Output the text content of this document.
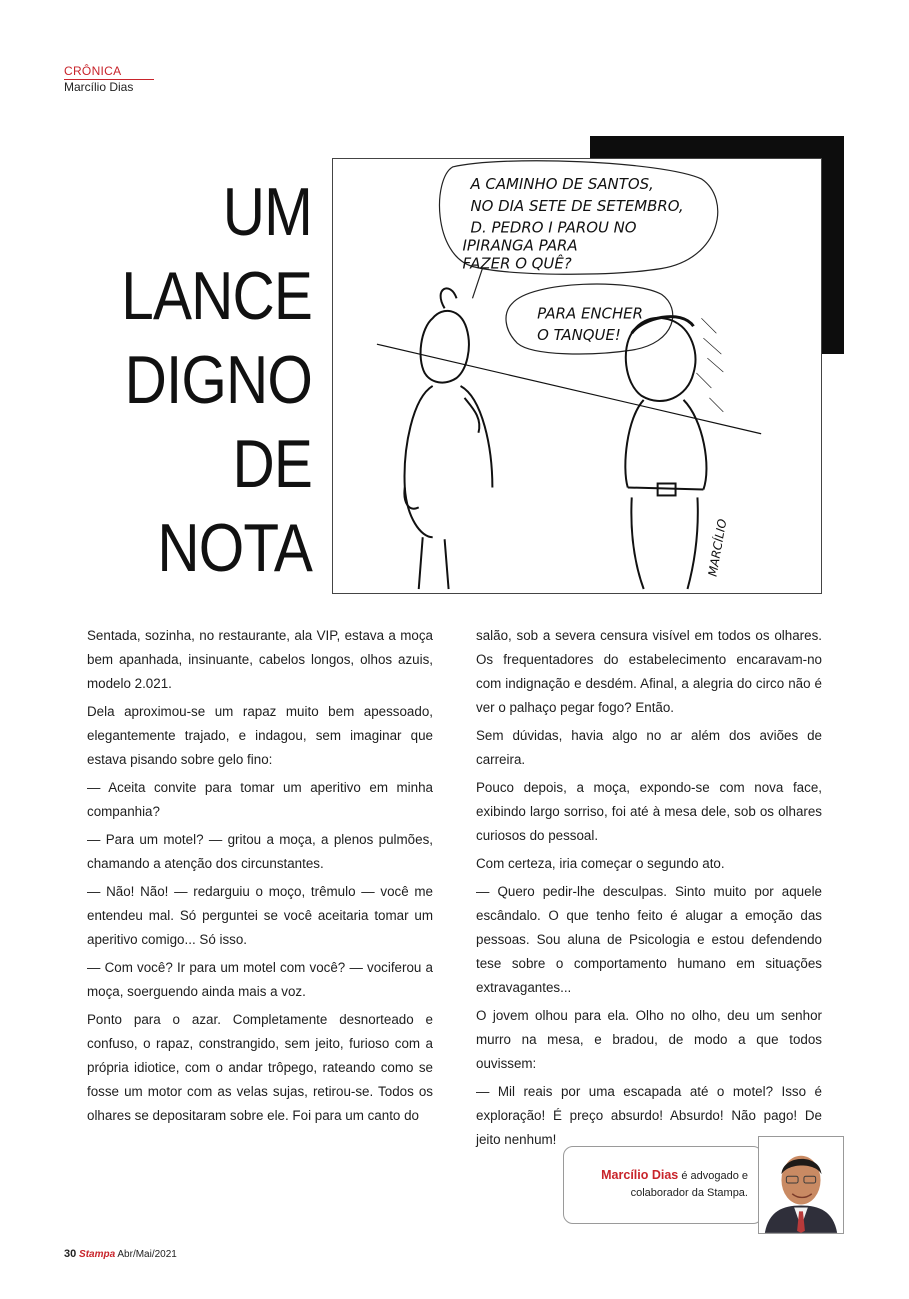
CRÔNICA
Marcílio Dias
UM
LANCE
DIGNO
DE
NOTA
A CAMINHO DE SANTOS,
NO DIA SETE DE SETEMBRO,
D. PEDRO I PAROU NO
IPIRANGA PARA
FAZER O QUÊ?
PARA ENCHER
O TANQUE!
MARCÍLIO

Sentada, sozinha, no restaurante, ala VIP, estava a moça bem apanhada, insinuante, cabelos longos, olhos azuis, modelo 2.021.

Dela aproximou-se um rapaz muito bem apessoado, elegantemente trajado, e indagou, sem imaginar que estava pisando sobre gelo fino:

— Aceita convite para tomar um aperitivo em minha companhia?

— Para um motel? — gritou a moça, a plenos pulmões, chamando a atenção dos circunstantes.

— Não! Não! — redarguiu o moço, trêmulo — você me entendeu mal. Só perguntei se você aceitaria tomar um aperitivo comigo... Só isso.

— Com você? Ir para um motel com você? — vociferou a moça, soerguendo ainda mais a voz.

Ponto para o azar. Completamente desnorteado e confuso, o rapaz, constrangido, sem jeito, furioso com a própria idiotice, com o andar trôpego, rateando como se fosse um motor com as velas sujas, retirou-se. Todos os olhares se depositaram sobre ele. Foi para um canto do

salão, sob a severa censura visível em todos os olhares. Os frequentadores do estabelecimento encaravam-no com indignação e desdém. Afinal, a alegria do circo não é ver o palhaço pegar fogo? Então.

Sem dúvidas, havia algo no ar além dos aviões de carreira.

Pouco depois, a moça, expondo-se com nova face, exibindo largo sorriso, foi até à mesa dele, sob os olhares curiosos do pessoal.

Com certeza, iria começar o segundo ato.

— Quero pedir-lhe desculpas. Sinto muito por aquele escândalo. O que tenho feito é alugar a emoção das pessoas. Sou aluna de Psicologia e estou defendendo tese sobre o comportamento humano em situações extravagantes...

O jovem olhou para ela. Olho no olho, deu um senhor murro na mesa, e bradou, de modo a que todos ouvissem:

— Mil reais por uma escapada até o motel? Isso é exploração! É preço absurdo! Absurdo! Não pago! De jeito nenhum!

Marcílio Dias é advogado e
colaborador da Stampa.
30 Stampa Abr/Mai/2021
